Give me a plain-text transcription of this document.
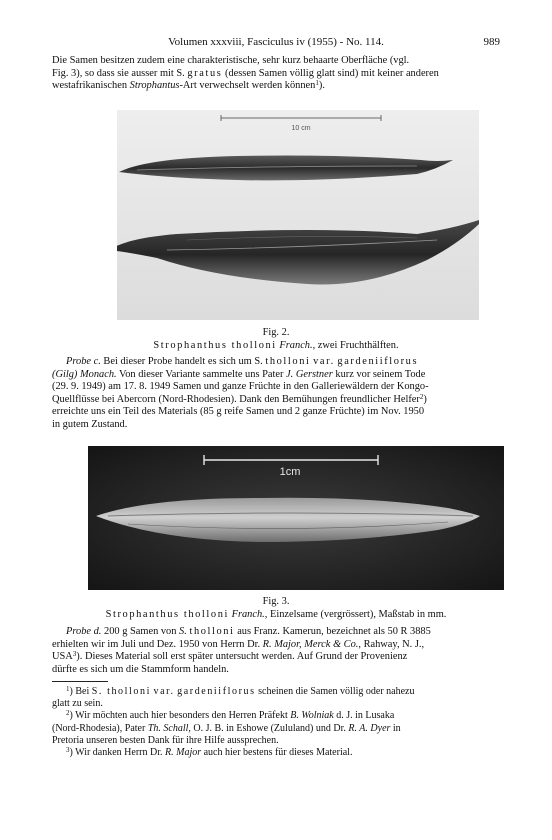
Volumen xxxviii, Fasciculus iv (1955) - No. 114.	989
Die Samen besitzen zudem eine charakteristische, sehr kurz behaarte Oberfläche (vgl.
Fig. 3), so dass sie ausser mit S. gratus (dessen Samen völlig glatt sind) mit keiner anderen
westafrikanischen Strophantus-Art verwechselt werden können$^1$).
10 cm
Fig. 2.
Strophanthus tholloni Franch., zwei Fruchthälften.
Probe c. Bei dieser Probe handelt es sich um S. tholloni var. gardeniiflorus
(Gilg) Monach. Von dieser Variante sammelte uns Pater J. Gerstner kurz vor seinem Tode
(29. 9. 1949) am 17. 8. 1949 Samen und ganze Früchte in den Galleriewäldern der Kongo-
Quellflüsse bei Abercorn (Nord-Rhodesien). Dank den Bemühungen freundlicher Helfer$^2$)
erreichte uns ein Teil des Materials (85 g reife Samen und 2 ganze Früchte) im Nov. 1950
in gutem Zustand.
1cm
Fig. 3.
Strophanthus tholloni Franch., Einzelsame (vergrössert), Maßstab in mm.
Probe d. 200 g Samen von S. tholloni aus Franz. Kamerun, bezeichnet als 50 R 3885
erhielten wir im Juli und Dez. 1950 von Herrn Dr. R. Major, Merck & Co., Rahway, N. J.,
USA$^3$). Dieses Material soll erst später untersucht werden. Auf Grund der Provenienz
dürfte es sich um die Stammform handeln.
$^1$) Bei S. tholloni var. gardeniiflorus scheinen die Samen völlig oder nahezu
glatt zu sein.
$^2$) Wir möchten auch hier besonders den Herren Präfekt B. Wolniak d. J. in Lusaka
(Nord-Rhodesia), Pater Th. Schall, O. J. B. in Eshowe (Zululand) und Dr. R. A. Dyer in
Pretoria unseren besten Dank für ihre Hilfe aussprechen.
$^3$) Wir danken Herrn Dr. R. Major auch hier bestens für dieses Material.
